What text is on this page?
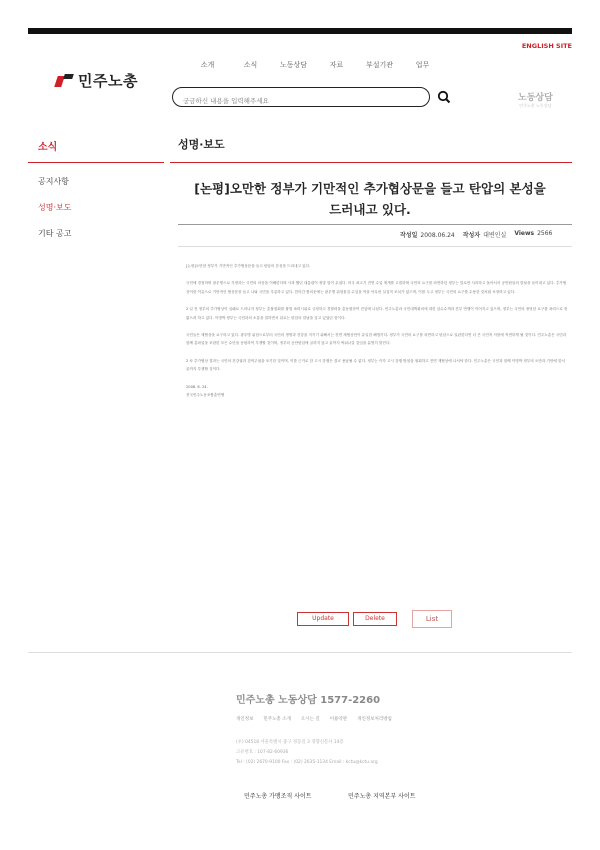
ENGLISH SITE
민주노총
소개	소식	노동상담	자료	부설기관	업무
궁금하신 내용을 입력해주세요
노동상담
민주노총 노동상담
소식
공지사항
성명·보도
기타 공고
성명·보도
[논평]오만한 정부가 기만적인 추가협상문을 들고 탄압의 본성을
드러내고 있다.
작성일 2008.06.24 작성자 대변인실 Views 2566

[논평]오만한 정부가 기만적인 추가협상문을 들고 탄압의 본성을 드러내고 있다.

국민에 경청하며 광우병으로 걱정하는 국민의 마음을 이해한다며 사과 했던 대통령이 정말 말이 무섭다. 미국 쇠고기 전면 수입 재개를 고집하며 국민의 요구를 외면하던 정부는 말로만 사과하고 돌아서서 공안탄압의 칼날을 들이대고 있다. 추가협상이란 이름으로 기만적인 협상문을 들고 나와 국민을 우롱하고 있다. 한미간 합의문에는 광우병 위험물질 수입을 막을 아무런 실질적 조치가 없으며, 이를 두고 정부는 국민의 요구를 수용한 것처럼 포장하고 있다.

2 일 전 정부의 추가협상이 실패로 드러나자 정부는 촛불집회를 불법 폭력시위로 규정하고 경찰력을 총동원하여 진압에 나섰다. 민주노총과 국민대책회의에 대한 압수수색과 간부 연행이 이어지고 있으며, 정부는 국민의 정당한 요구를 폭력으로 짓밟으려 하고 있다. 이명박 정부는 국민과의 소통을 말하면서 뒤로는 탄압의 칼날을 갈고 있었던 것이다.

국민들은 재협상을 요구하고 있다. 광우병 위험으로부터 국민의 생명과 건강을 지키기 위해서는 전면 재협상만이 유일한 해법이다. 정부가 국민의 요구를 외면하고 탄압으로 일관한다면 더 큰 국민적 저항에 직면하게 될 것이다. 민주노총은 국민과 함께 총파업을 포함한 모든 수단을 동원하여 투쟁할 것이며, 정부의 공안탄압에 굴하지 않고 끝까지 싸워나갈 것임을 분명히 밝힌다.

2 차 추가협상 결과는 국민의 건강권과 검역주권을 포기한 것이며, 이를 근거로 한 고시 강행은 결코 용납될 수 없다. 정부는 즉각 고시 강행 방침을 철회하고 전면 재협상에 나서야 한다. 민주노총은 국민과 함께 이명박 정부의 오만과 기만에 맞서 끝까지 투쟁할 것이다.

2008. 6. 24.
전국민주노동조합총연맹

Update	Delete	List
민주노총 노동상담 1577-2260
개인정보 민주노총 소개 오시는 길 이용약관 개인정보처리방침
(우) 04518 서울특별시 중구 정동길 3 경향신문사 14층
고유번호 : 107-82-60936
Tel : (02) 2670-9100 Fax : (02) 2635-1134 Email : kctu@kctu.org
민주노총 가맹조직 사이트	민주노총 지역본부 사이트
